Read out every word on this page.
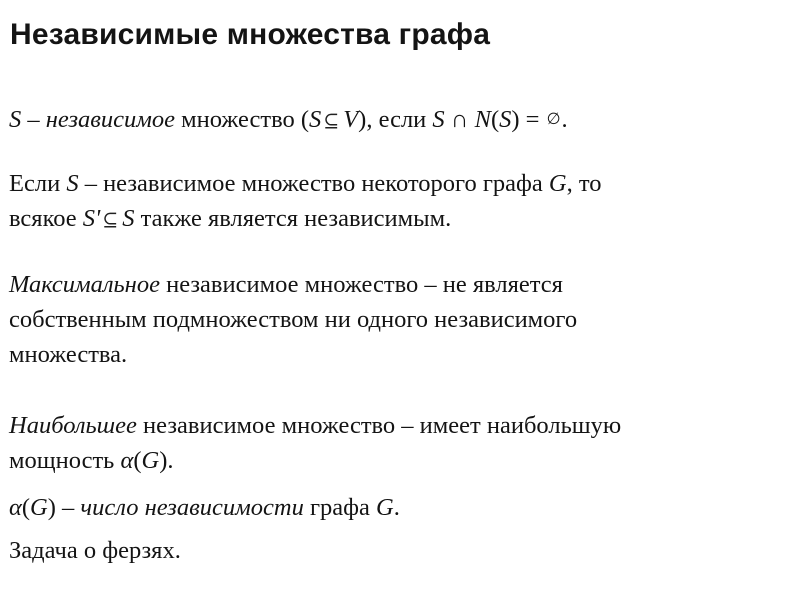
Независимые множества графа
S – независимое множество (S ⊆ V), если S ∩ N(S) = ∅.
Если S – независимое множество некоторого графа G, то
всякое S' ⊆ S также является независимым.
Максимальное независимое множество – не является
собственным подмножеством ни одного независимого
множества.
Наибольшее независимое множество – имеет наибольшую
мощность α(G).
α(G) – число независимости графа G.
Задача о ферзях.
